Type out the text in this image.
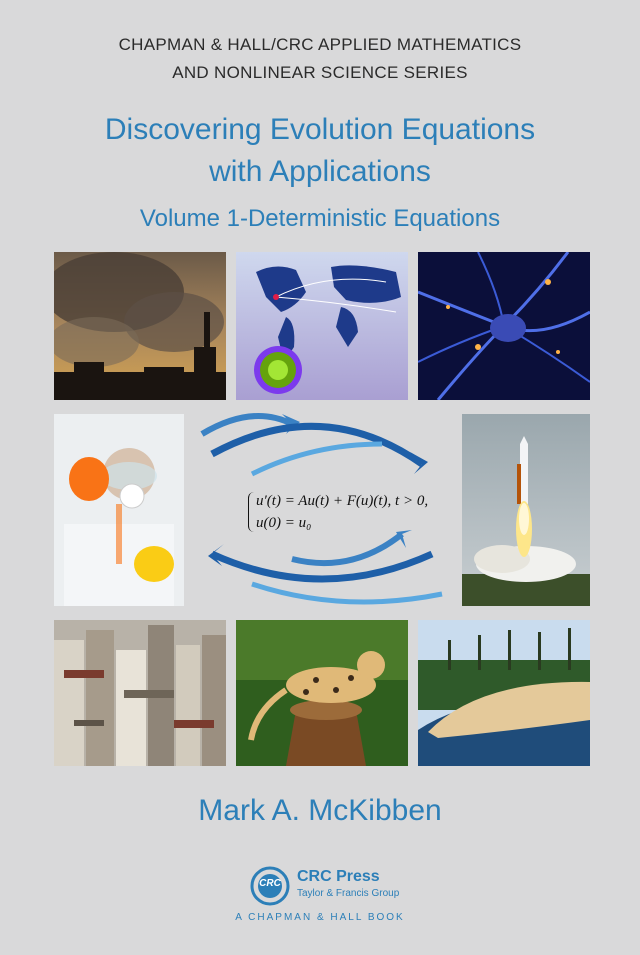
CHAPMAN & HALL/CRC APPLIED MATHEMATICS
AND NONLINEAR SCIENCE SERIES
Discovering Evolution Equations
with Applications
Volume 1-Deterministic Equations
u′(t) = Au(t) + F(u)(t), t > 0,
u(0) = u₀
Mark A. McKibben
CRC	CRC Press
Taylor & Francis Group
A CHAPMAN & HALL BOOK
